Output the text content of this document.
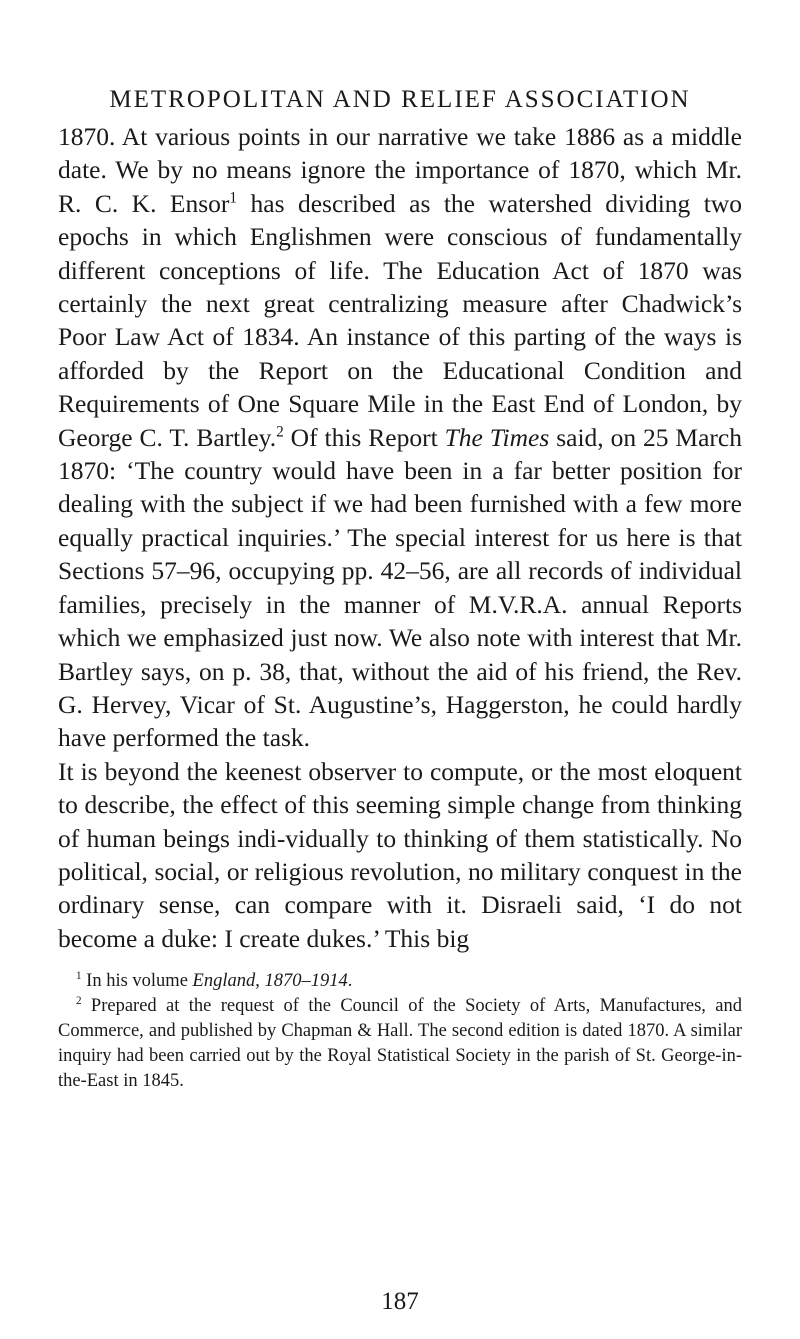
METROPOLITAN AND RELIEF ASSOCIATION

1870. At various points in our narrative we take 1886 as a middle date. We by no means ignore the importance of 1870, which Mr. R. C. K. Ensor$^1$ has described as the watershed dividing two epochs in which Englishmen were conscious of fundamentally different conceptions of life. The Education Act of 1870 was certainly the next great centralizing measure after Chadwick’s Poor Law Act of 1834. An instance of this parting of the ways is afforded by the Report on the Educational Condition and Requirements of One Square Mile in the East End of London, by George C. T. Bartley.$^2$ Of this Report The Times said, on 25 March 1870: ‘The country would have been in a far better position for dealing with the subject if we had been furnished with a few more equally practical inquiries.’ The special interest for us here is that Sections 57–96, occupying pp. 42–56, are all records of individual families, precisely in the manner of M.V.R.A. annual Reports which we emphasized just now. We also note with interest that Mr. Bartley says, on p. 38, that, without the aid of his friend, the Rev. G. Hervey, Vicar of St. Augustine’s, Haggerston, he could hardly have performed the task.

It is beyond the keenest observer to compute, or the most eloquent to describe, the effect of this seeming simple change from thinking of human beings indi-vidually to thinking of them statistically. No political, social, or religious revolution, no military conquest in the ordinary sense, can compare with it. Disraeli said, ‘I do not become a duke: I create dukes.’ This big

$^1$ In his volume England, 1870–1914.

$^2$ Prepared at the request of the Council of the Society of Arts, Manufactures, and Commerce, and published by Chapman & Hall. The second edition is dated 1870. A similar inquiry had been carried out by the Royal Statistical Society in the parish of St. George-in-the-East in 1845.

187
